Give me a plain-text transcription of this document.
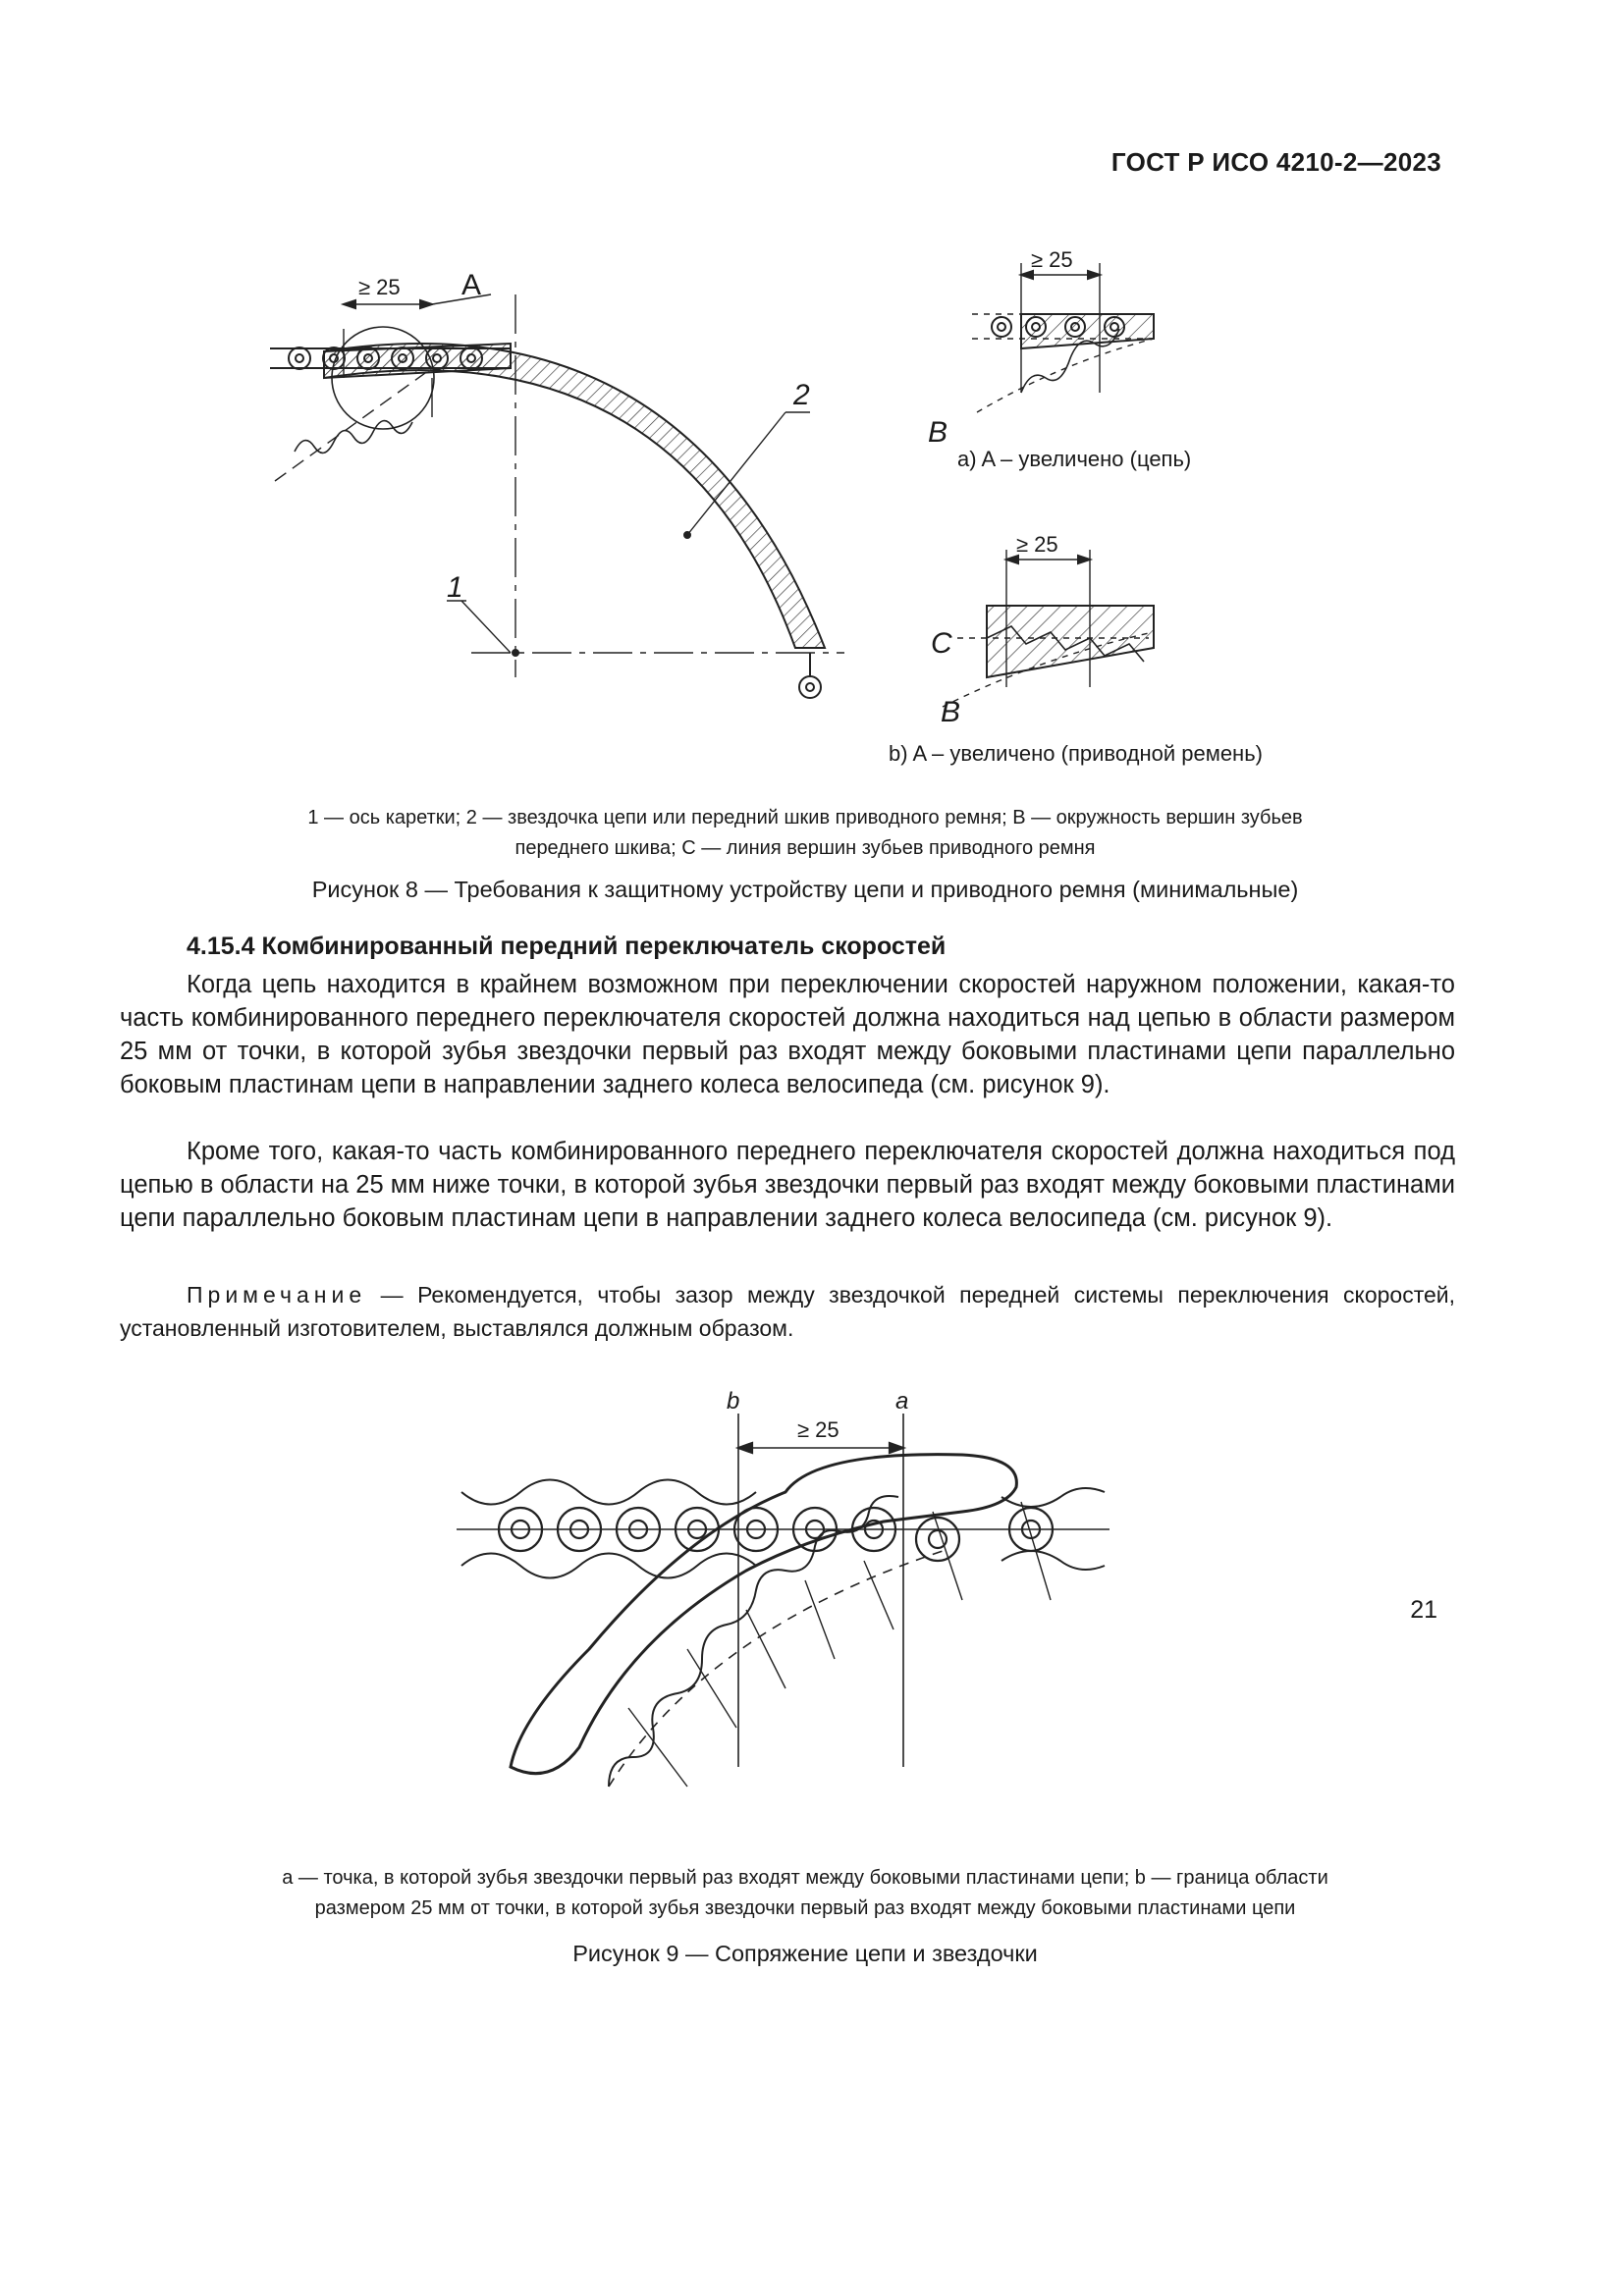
ГОСТ Р ИСО 4210-2—2023
≥ 25 A
2
1
≥ 25
B
≥ 25
C
B
a) A – увеличено (цепь)
b) A – увеличено (приводной ремень)
1 — ось каретки; 2 — звездочка цепи или передний шкив приводного ремня; B — окружность вершин зубьев
переднего шкива; C — линия вершин зубьев приводного ремня
Рисунок 8 — Требования к защитному устройству цепи и приводного ремня (минимальные)
4.15.4 Комбинированный передний переключатель скоростей
Когда цепь находится в крайнем возможном при переключении скоростей наружном положении, какая-то часть комбинированного переднего переключателя скоростей должна находиться над цепью в области размером 25 мм от точки, в которой зубья звездочки первый раз входят между боковыми пластинами цепи параллельно боковым пластинам цепи в направлении заднего колеса велосипеда (см. рисунок 9).
Кроме того, какая-то часть комбинированного переднего переключателя скоростей должна находиться под цепью в области на 25 мм ниже точки, в которой зубья звездочки первый раз входят между боковыми пластинами цепи параллельно боковым пластинам цепи в направлении заднего колеса велосипеда (см. рисунок 9).
Примечание — Рекомендуется, чтобы зазор между звездочкой передней системы переключения скоростей, установленный изготовителем, выставлялся должным образом.
b	a
≥ 25
a — точка, в которой зубья звездочки первый раз входят между боковыми пластинами цепи; b — граница области
размером 25 мм от точки, в которой зубья звездочки первый раз входят между боковыми пластинами цепи
Рисунок 9 — Сопряжение цепи и звездочки
21
